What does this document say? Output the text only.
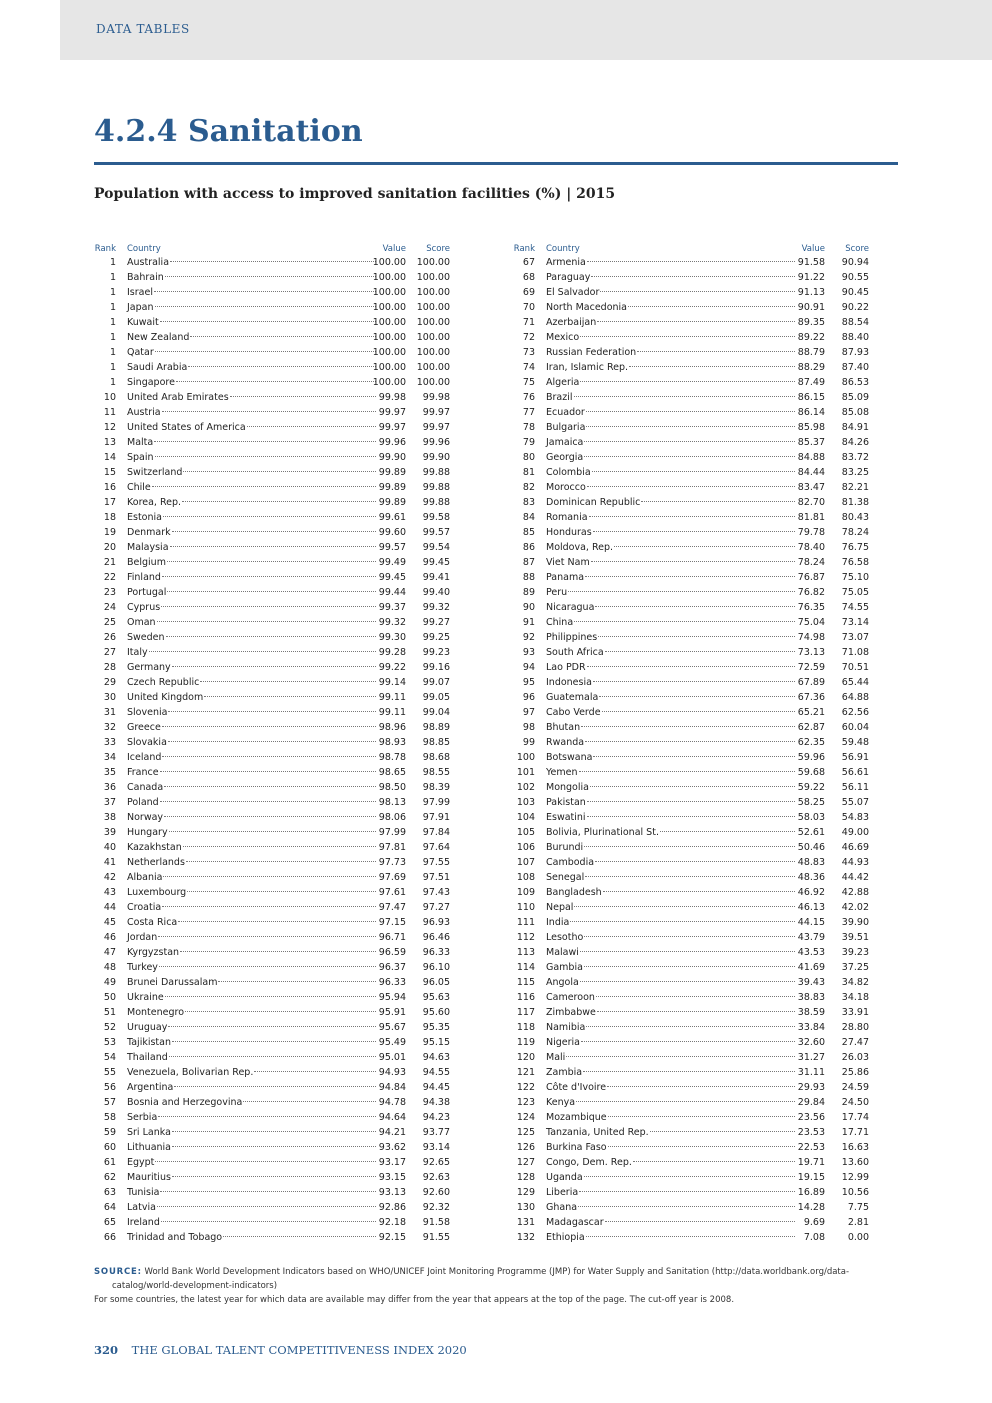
DATA TABLES
4.2.4 Sanitation
Population with access to improved sanitation facilities (%) | 2015
Rank Country	Value	Score
1 Australia	100.00 100.00
1 Bahrain	100.00 100.00
1 Israel	100.00 100.00
1 Japan	100.00 100.00
1 Kuwait	100.00 100.00
1 New Zealand	100.00 100.00
1 Qatar	100.00 100.00
1 Saudi Arabia	100.00 100.00
1 Singapore	100.00 100.00
10 United Arab Emirates	99.98	99.98
11 Austria	99.97	99.97
12 United States of America	99.97	99.97
13 Malta	99.96	99.96
14 Spain	99.90	99.90
15 Switzerland	99.89	99.88
16 Chile	99.89	99.88
17 Korea, Rep.	99.89	99.88
18 Estonia	99.61	99.58
19 Denmark	99.60	99.57
20 Malaysia	99.57	99.54
21 Belgium	99.49	99.45
22 Finland	99.45	99.41
23 Portugal	99.44	99.40
24 Cyprus	99.37	99.32
25 Oman	99.32	99.27
26 Sweden	99.30	99.25
27 Italy	99.28	99.23
28 Germany	99.22	99.16
29 Czech Republic	99.14	99.07
30 United Kingdom	99.11	99.05
31 Slovenia	99.11	99.04
32 Greece	98.96	98.89
33 Slovakia	98.93	98.85
34 Iceland	98.78	98.68
35 France	98.65	98.55
36 Canada	98.50	98.39
37 Poland	98.13	97.99
38 Norway	98.06	97.91
39 Hungary	97.99	97.84
40 Kazakhstan	97.81	97.64
41 Netherlands	97.73	97.55
42 Albania	97.69	97.51
43 Luxembourg	97.61	97.43
44 Croatia	97.47	97.27
45 Costa Rica	97.15	96.93
46 Jordan	96.71	96.46
47 Kyrgyzstan	96.59	96.33
48 Turkey	96.37	96.10
49 Brunei Darussalam	96.33	96.05
50 Ukraine	95.94	95.63
51 Montenegro	95.91	95.60
52 Uruguay	95.67	95.35
53 Tajikistan	95.49	95.15
54 Thailand	95.01	94.63
55 Venezuela, Bolivarian Rep.	94.93	94.55
56 Argentina	94.84	94.45
57 Bosnia and Herzegovina	94.78	94.38
58 Serbia	94.64	94.23
59 Sri Lanka	94.21	93.77
60 Lithuania	93.62	93.14
61 Egypt	93.17	92.65
62 Mauritius	93.15	92.63
63 Tunisia	93.13	92.60
64 Latvia	92.86	92.32
65 Ireland	92.18	91.58
66 Trinidad and Tobago	92.15	91.55
Rank Country	Value	Score
67 Armenia	91.58	90.94
68 Paraguay	91.22	90.55
69 El Salvador	91.13	90.45
70 North Macedonia	90.91	90.22
71 Azerbaijan	89.35	88.54
72 Mexico	89.22	88.40
73 Russian Federation	88.79	87.93
74 Iran, Islamic Rep.	88.29	87.40
75 Algeria	87.49	86.53
76 Brazil	86.15	85.09
77 Ecuador	86.14	85.08
78 Bulgaria	85.98	84.91
79 Jamaica	85.37	84.26
80 Georgia	84.88	83.72
81 Colombia	84.44	83.25
82 Morocco	83.47	82.21
83 Dominican Republic	82.70	81.38
84 Romania	81.81	80.43
85 Honduras	79.78	78.24
86 Moldova, Rep.	78.40	76.75
87 Viet Nam	78.24	76.58
88 Panama	76.87	75.10
89 Peru	76.82	75.05
90 Nicaragua	76.35	74.55
91 China	75.04	73.14
92 Philippines	74.98	73.07
93 South Africa	73.13	71.08
94 Lao PDR	72.59	70.51
95 Indonesia	67.89	65.44
96 Guatemala	67.36	64.88
97 Cabo Verde	65.21	62.56
98 Bhutan	62.87	60.04
99 Rwanda	62.35	59.48
100 Botswana	59.96	56.91
101 Yemen	59.68	56.61
102 Mongolia	59.22	56.11
103 Pakistan	58.25	55.07
104 Eswatini	58.03	54.83
105 Bolivia, Plurinational St.	52.61	49.00
106 Burundi	50.46	46.69
107 Cambodia	48.83	44.93
108 Senegal	48.36	44.42
109 Bangladesh	46.92	42.88
110 Nepal	46.13	42.02
111 India	44.15	39.90
112 Lesotho	43.79	39.51
113 Malawi	43.53	39.23
114 Gambia	41.69	37.25
115 Angola	39.43	34.82
116 Cameroon	38.83	34.18
117 Zimbabwe	38.59	33.91
118 Namibia	33.84	28.80
119 Nigeria	32.60	27.47
120 Mali	31.27	26.03
121 Zambia	31.11	25.86
122 Côte d'Ivoire	29.93	24.59
123 Kenya	29.84	24.50
124 Mozambique	23.56	17.74
125 Tanzania, United Rep.	23.53	17.71
126 Burkina Faso	22.53	16.63
127 Congo, Dem. Rep.	19.71	13.60
128 Uganda	19.15	12.99
129 Liberia	16.89	10.56
130 Ghana	14.28	7.75
131 Madagascar	9.69	2.81
132 Ethiopia	7.08	0.00
SOURCE: World Bank World Development Indicators based on WHO/UNICEF Joint Monitoring Programme (JMP) for Water Supply and Sanitation (http://data.worldbank.org/data-
catalog/world-development-indicators)
For some countries, the latest year for which data are available may differ from the year that appears at the top of the page. The cut-off year is 2008.
320 THE GLOBAL TALENT COMPETITIVENESS INDEX 2020
